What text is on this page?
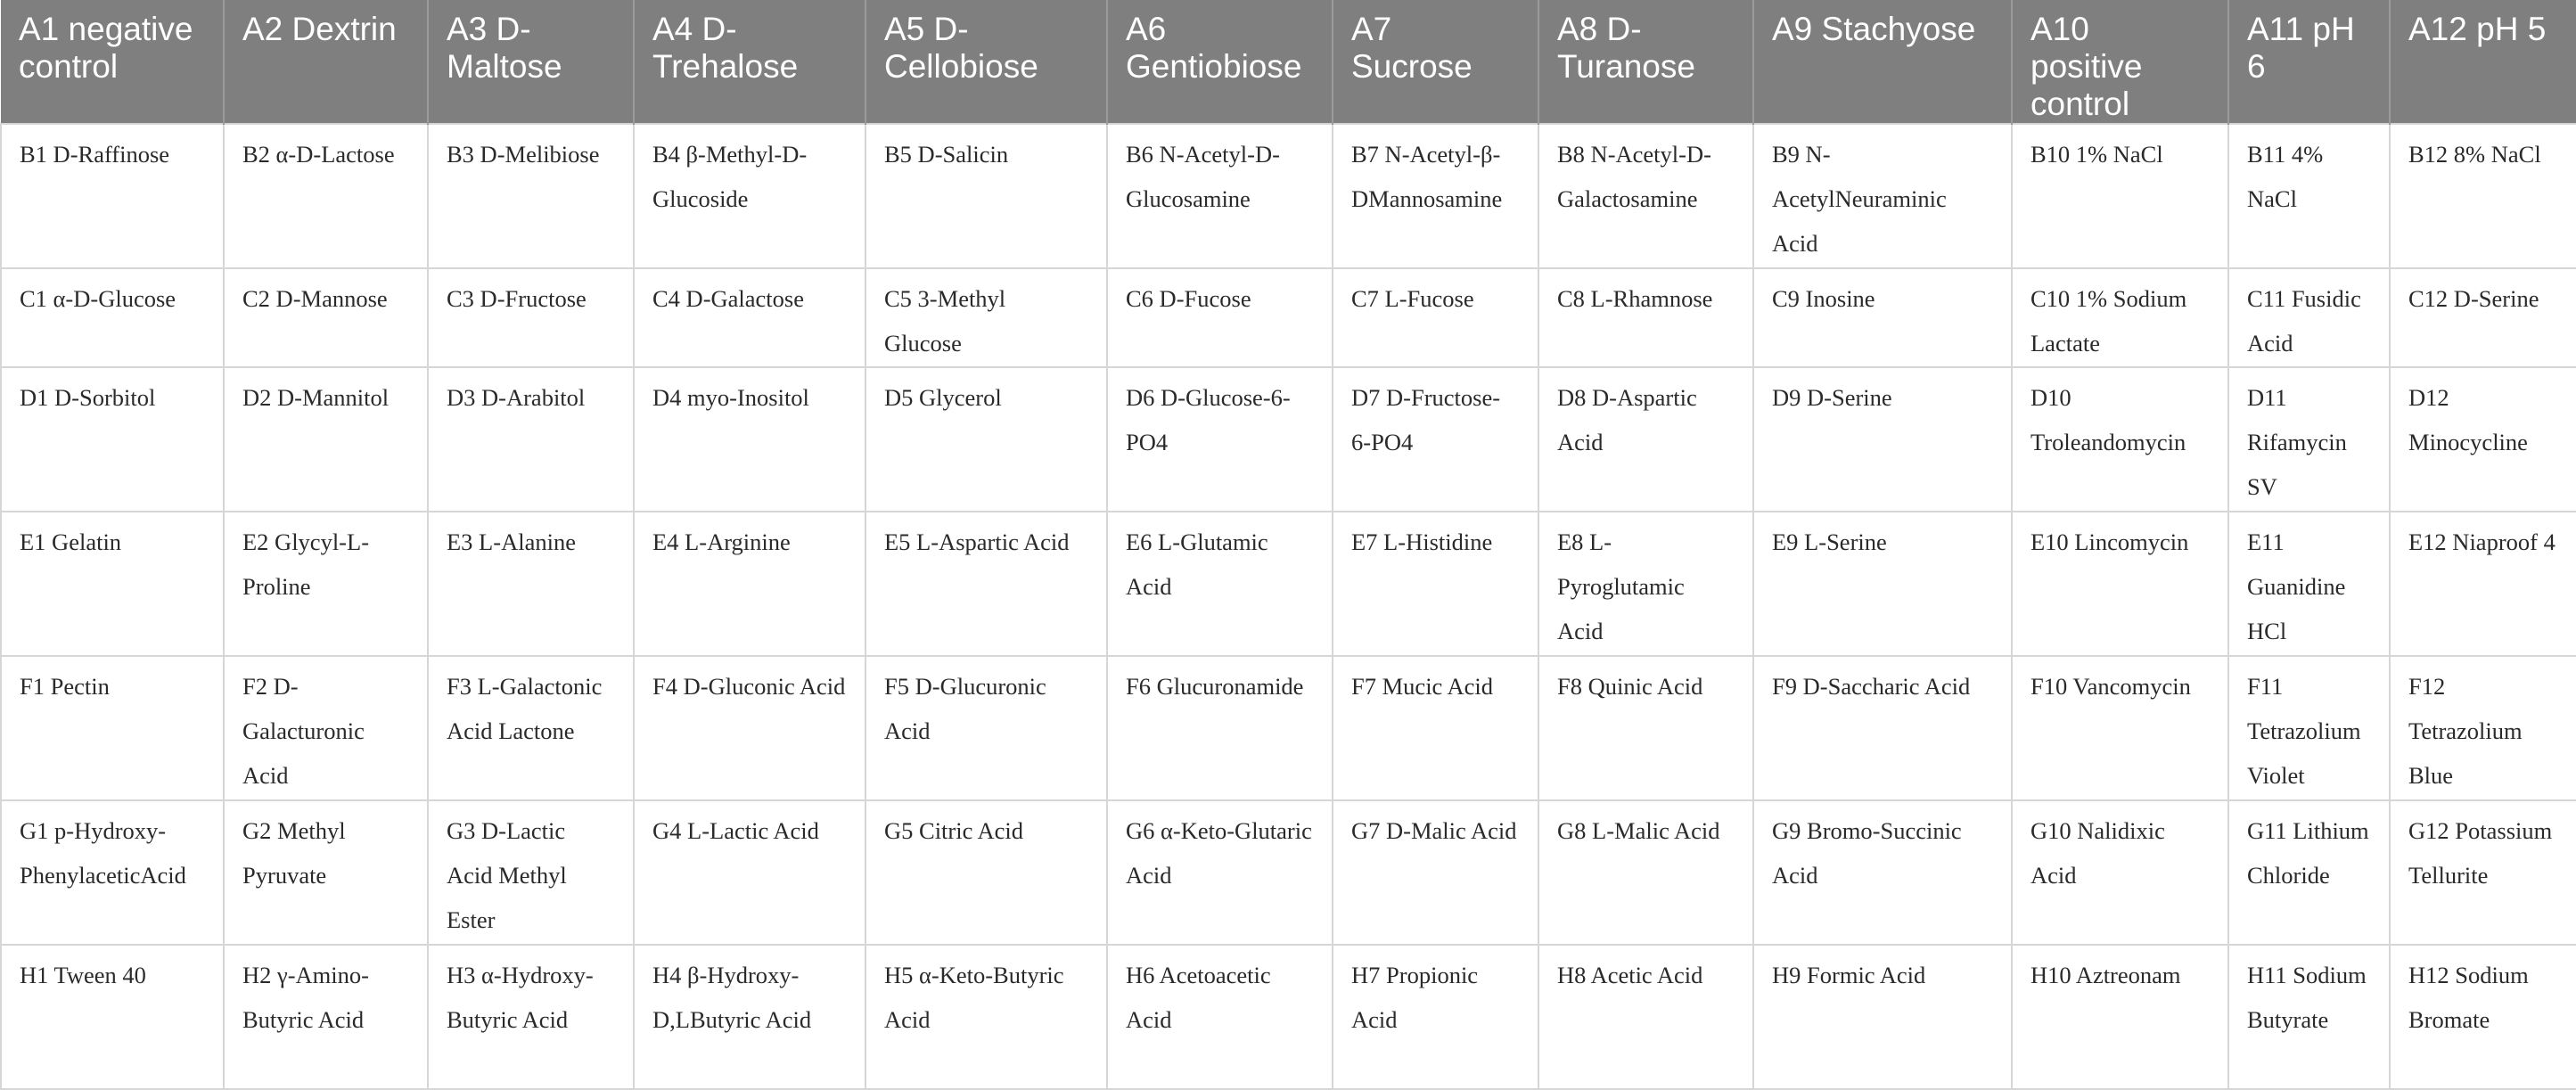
A1 negative control	A2 Dextrin	A3 D-Maltose	A4 D-Trehalose	A5 D-Cellobiose	A6 Gentiobiose	A7 Sucrose	A8 D-Turanose	A9 Stachyose	A10 positive control	A11 pH 6	A12 pH 5
B1 D-Raffinose	B2 α-D-Lactose	B3 D-Melibiose	B4 β-Methyl-D-Glucoside	B5 D-Salicin	B6 N-Acetyl-D-Glucosamine	B7 N-Acetyl-β-DMannosamine	B8 N-Acetyl-D-Galactosamine	B9 N-AcetylNeuraminic Acid	B10 1% NaCl	B11 4% NaCl	B12 8% NaCl
C1 α-D-Glucose	C2 D-Mannose	C3 D-Fructose	C4 D-Galactose	C5 3-Methyl Glucose	C6 D-Fucose	C7 L-Fucose	C8 L-Rhamnose	C9 Inosine	C10 1% Sodium Lactate	C11 Fusidic Acid	C12 D-Serine
D1 D-Sorbitol	D2 D-Mannitol	D3 D-Arabitol	D4 myo-Inositol	D5 Glycerol	D6 D-Glucose-6-PO4	D7 D-Fructose-6-PO4	D8 D-Aspartic Acid	D9 D-Serine	D10 Troleandomycin	D11 Rifamycin SV	D12 Minocycline
E1 Gelatin	E2 Glycyl-L-Proline	E3 L-Alanine	E4 L-Arginine	E5 L-Aspartic Acid	E6 L-Glutamic Acid	E7 L-Histidine	E8 L-Pyroglutamic Acid	E9 L-Serine	E10 Lincomycin	E11 Guanidine HCl	E12 Niaproof 4
F1 Pectin	F2 D-Galacturonic Acid	F3 L-Galactonic Acid Lactone	F4 D-Gluconic Acid	F5 D-Glucuronic Acid	F6 Glucuronamide	F7 Mucic Acid	F8 Quinic Acid	F9 D-Saccharic Acid	F10 Vancomycin	F11 Tetrazolium Violet	F12 Tetrazolium Blue
G1 p-Hydroxy-PhenylaceticAcid	G2 Methyl Pyruvate	G3 D-Lactic Acid Methyl Ester	G4 L-Lactic Acid	G5 Citric Acid	G6 α-Keto-Glutaric Acid	G7 D-Malic Acid	G8 L-Malic Acid	G9 Bromo-Succinic Acid	G10 Nalidixic Acid	G11 Lithium Chloride	G12 Potassium Tellurite
H1 Tween 40	H2 γ-Amino-Butyric Acid	H3 α-Hydroxy-Butyric Acid	H4 β-Hydroxy-D,LButyric Acid	H5 α-Keto-Butyric Acid	H6 Acetoacetic Acid	H7 Propionic Acid	H8 Acetic Acid	H9 Formic Acid	H10 Aztreonam	H11 Sodium Butyrate	H12 Sodium Bromate
